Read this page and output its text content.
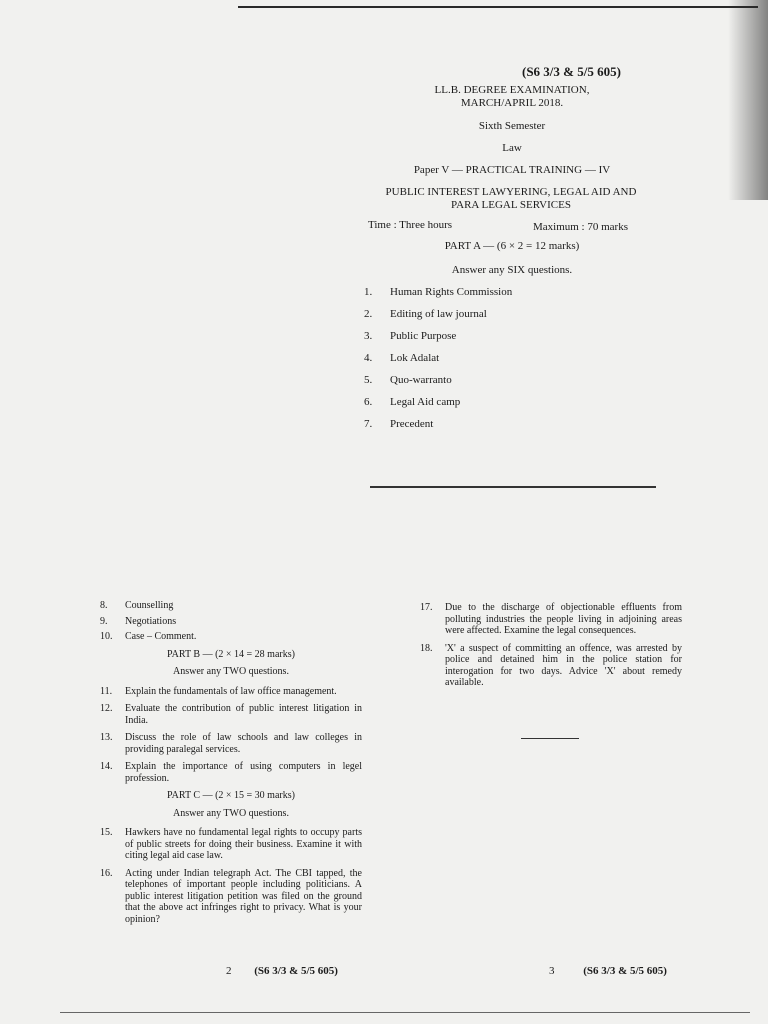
(S6 3/3 & 5/5 605)
LL.B. DEGREE EXAMINATION,
MARCH/APRIL 2018.
Sixth Semester
Law
Paper V — PRACTICAL TRAINING — IV
PUBLIC INTEREST LAWYERING, LEGAL AID AND
PARA LEGAL SERVICES
Time : Three hours	Maximum : 70 marks
PART A — (6 × 2 = 12 marks)
Answer any SIX questions.
1. Human Rights Commission
2. Editing of law journal
3. Public Purpose
4. Lok Adalat
5. Quo-warranto
6. Legal Aid camp
7. Precedent
8.	Counselling
9.	Negotiations
10.	Case – Comment.
PART B — (2 × 14 = 28 marks)
Answer any TWO questions.
11.	Explain the fundamentals of law office management.
12.	Evaluate the contribution of public interest litigation in India.
13.	Discuss the role of law schools and law colleges in providing paralegal services.
14.	Explain the importance of using computers in legel profession.
PART C — (2 × 15 = 30 marks)
Answer any TWO questions.
15.	Hawkers have no fundamental legal rights to occupy parts of public streets for doing their business. Examine it with citing legal aid case law.
16.	Acting under Indian telegraph Act. The CBI tapped, the telephones of important people including politicians. A public interest litigation petition was filed on the ground that the above act infringes right to privacy. What is your opinion?
2 (S6 3/3 & 5/5 605)
17.	Due to the discharge of objectionable effluents from polluting industries the people living in adjoining areas were affected. Examine the legal consequences.
18.	'X' a suspect of committing an offence, was arrested by police and detained him in the police station for interogation for two days. Advice 'X' about remedy available.
3	(S6 3/3 & 5/5 605)
